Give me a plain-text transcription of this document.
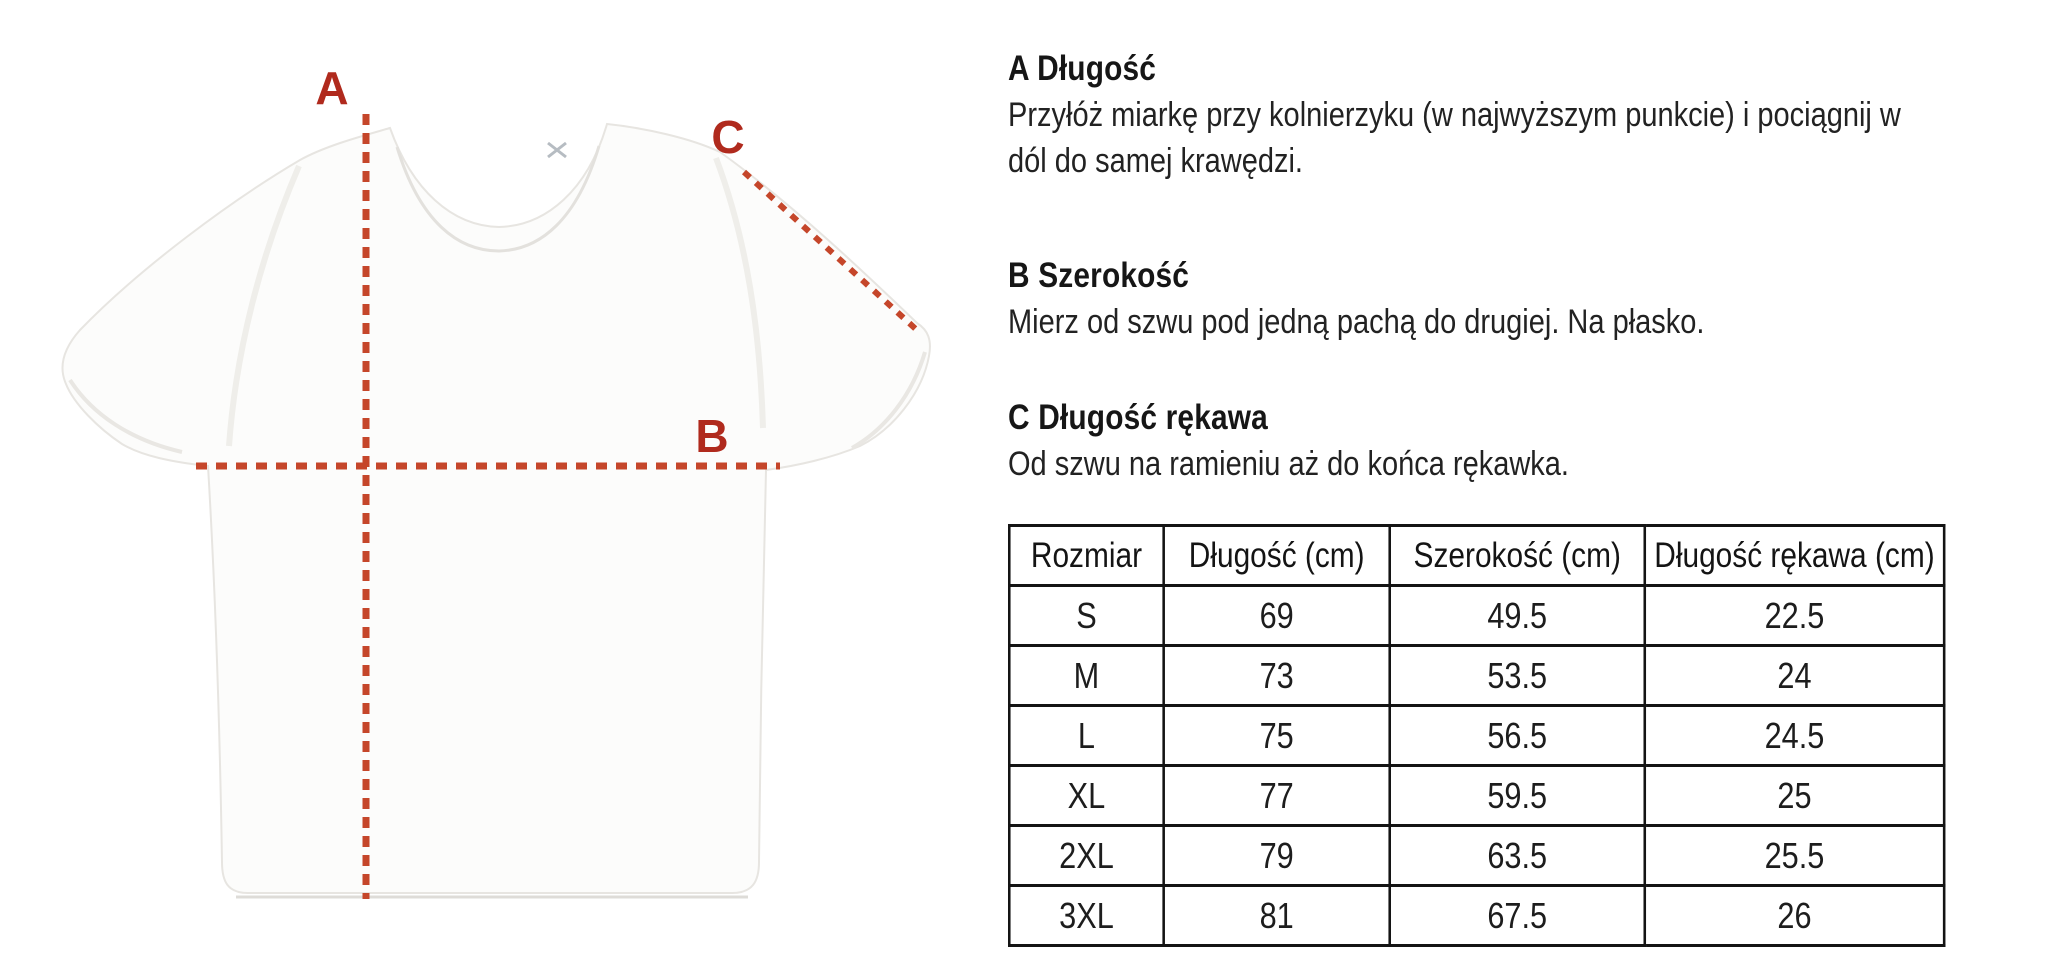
A
B
C
A Długość

Przyłóż miarkę przy kolnierzyku (w najwyższym punkcie) i pociągnij w
dól do samej krawędzi.

B Szerokość

Mierz od szwu pod jedną pachą do drugiej. Na płasko.

C Długość rękawa

Od szwu na ramieniu aż do końca rękawka.

Rozmiar	Długość (cm)	Szerokość (cm)	Długość rękawa (cm)
S	69	49.5	22.5
M	73	53.5	24
L	75	56.5	24.5
XL	77	59.5	25
2XL	79	63.5	25.5
3XL	81	67.5	26
